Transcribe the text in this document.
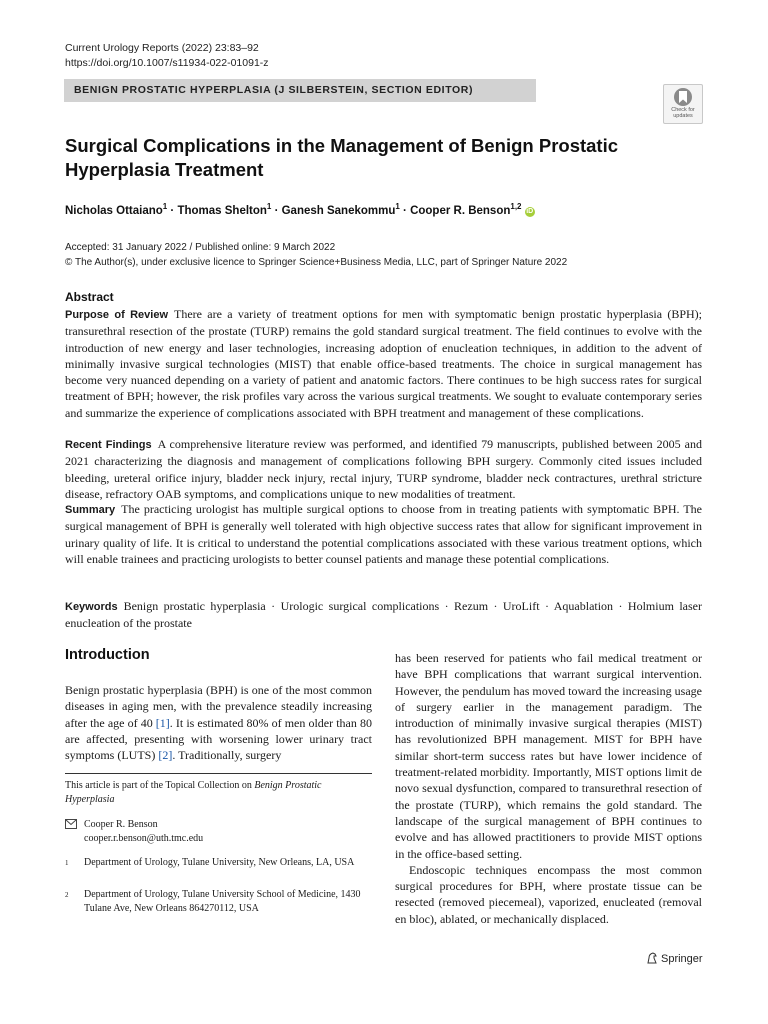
Current Urology Reports (2022) 23:83–92
https://doi.org/10.1007/s11934-022-01091-z
BENIGN PROSTATIC HYPERPLASIA (J SILBERSTEIN, SECTION EDITOR)
Check for
updates
Surgical Complications in the Management of Benign Prostatic
Hyperplasia Treatment
Nicholas Ottaiano$^1$ · Thomas Shelton$^1$ · Ganesh Sanekommu$^1$ · Cooper R. Benson$^{1,2}$ iD
Accepted: 31 January 2022 / Published online: 9 March 2022
© The Author(s), under exclusive licence to Springer Science+Business Media, LLC, part of Springer Nature 2022
Abstract
Purpose of Review There are a variety of treatment options for men with symptomatic benign prostatic hyperplasia (BPH); transurethral resection of the prostate (TURP) remains the gold standard surgical treatment. The field continues to evolve with the introduction of new energy and laser technologies, increasing adoption of enucleation techniques, in addition to the advent of minimally invasive surgical technologies (MIST) that enable office-based treatments. The choice in surgical management has become very nuanced depending on a variety of patient and anatomic factors. There continues to be high success rates for surgical treatment of BPH; however, the risk profiles vary across the various surgical treatments. We sought to evaluate contemporary series and summarize the experience of complications associated with BPH treatment and management of these complications.
Recent Findings A comprehensive literature review was performed, and identified 79 manuscripts, published between 2005 and 2021 characterizing the diagnosis and management of complications following BPH surgery. Commonly cited issues included bleeding, ureteral orifice injury, bladder neck injury, rectal injury, TURP syndrome, bladder neck contractures, urethral stricture disease, refractory OAB symptoms, and complications unique to new modalities of treatment.
Summary The practicing urologist has multiple surgical options to choose from in treating patients with symptomatic BPH. The surgical management of BPH is generally well tolerated with high objective success rates that allow for significant improvement in urinary quality of life. It is critical to understand the potential complications associated with these various treatment options, which will enable trainees and practicing urologists to better counsel patients and manage these potential complications.
Keywords Benign prostatic hyperplasia · Urologic surgical complications · Rezum · UroLift · Aquablation · Holmium laser enucleation of the prostate
Introduction
Benign prostatic hyperplasia (BPH) is one of the most common diseases in aging men, with the prevalence steadily increasing after the age of 40 [1]. It is estimated 80% of men older than 80 are affected, presenting with worsening lower urinary tract symptoms (LUTS) [2]. Traditionally, surgery
This article is part of the Topical Collection on Benign Prostatic Hyperplasia
Cooper R. Benson
cooper.r.benson@uth.tmc.edu
1 Department of Urology, Tulane University, New Orleans, LA, USA
2 Department of Urology, Tulane University School of Medicine, 1430 Tulane Ave, New Orleans 864270112, USA
has been reserved for patients who fail medical treatment or have BPH complications that warrant surgical intervention. However, the pendulum has moved toward the increasing usage of surgery earlier in the management paradigm. The introduction of minimally invasive surgical therapies (MIST) has revolutionized BPH management. MIST for BPH have similar short-term success rates but have lower incidence of treatment-related morbidity. Importantly, MIST options limit de novo sexual dysfunction, compared to transurethral resection of the prostate (TURP), which remains the gold standard. The landscape of the surgical management of BPH continues to evolve and has allowed practitioners to provide MIST options in the office-based setting.
Endoscopic techniques encompass the most common surgical procedures for BPH, where prostate tissue can be resected (removed piecemeal), vaporized, enucleated (removal en bloc), ablated, or mechanically displaced.
Springer
